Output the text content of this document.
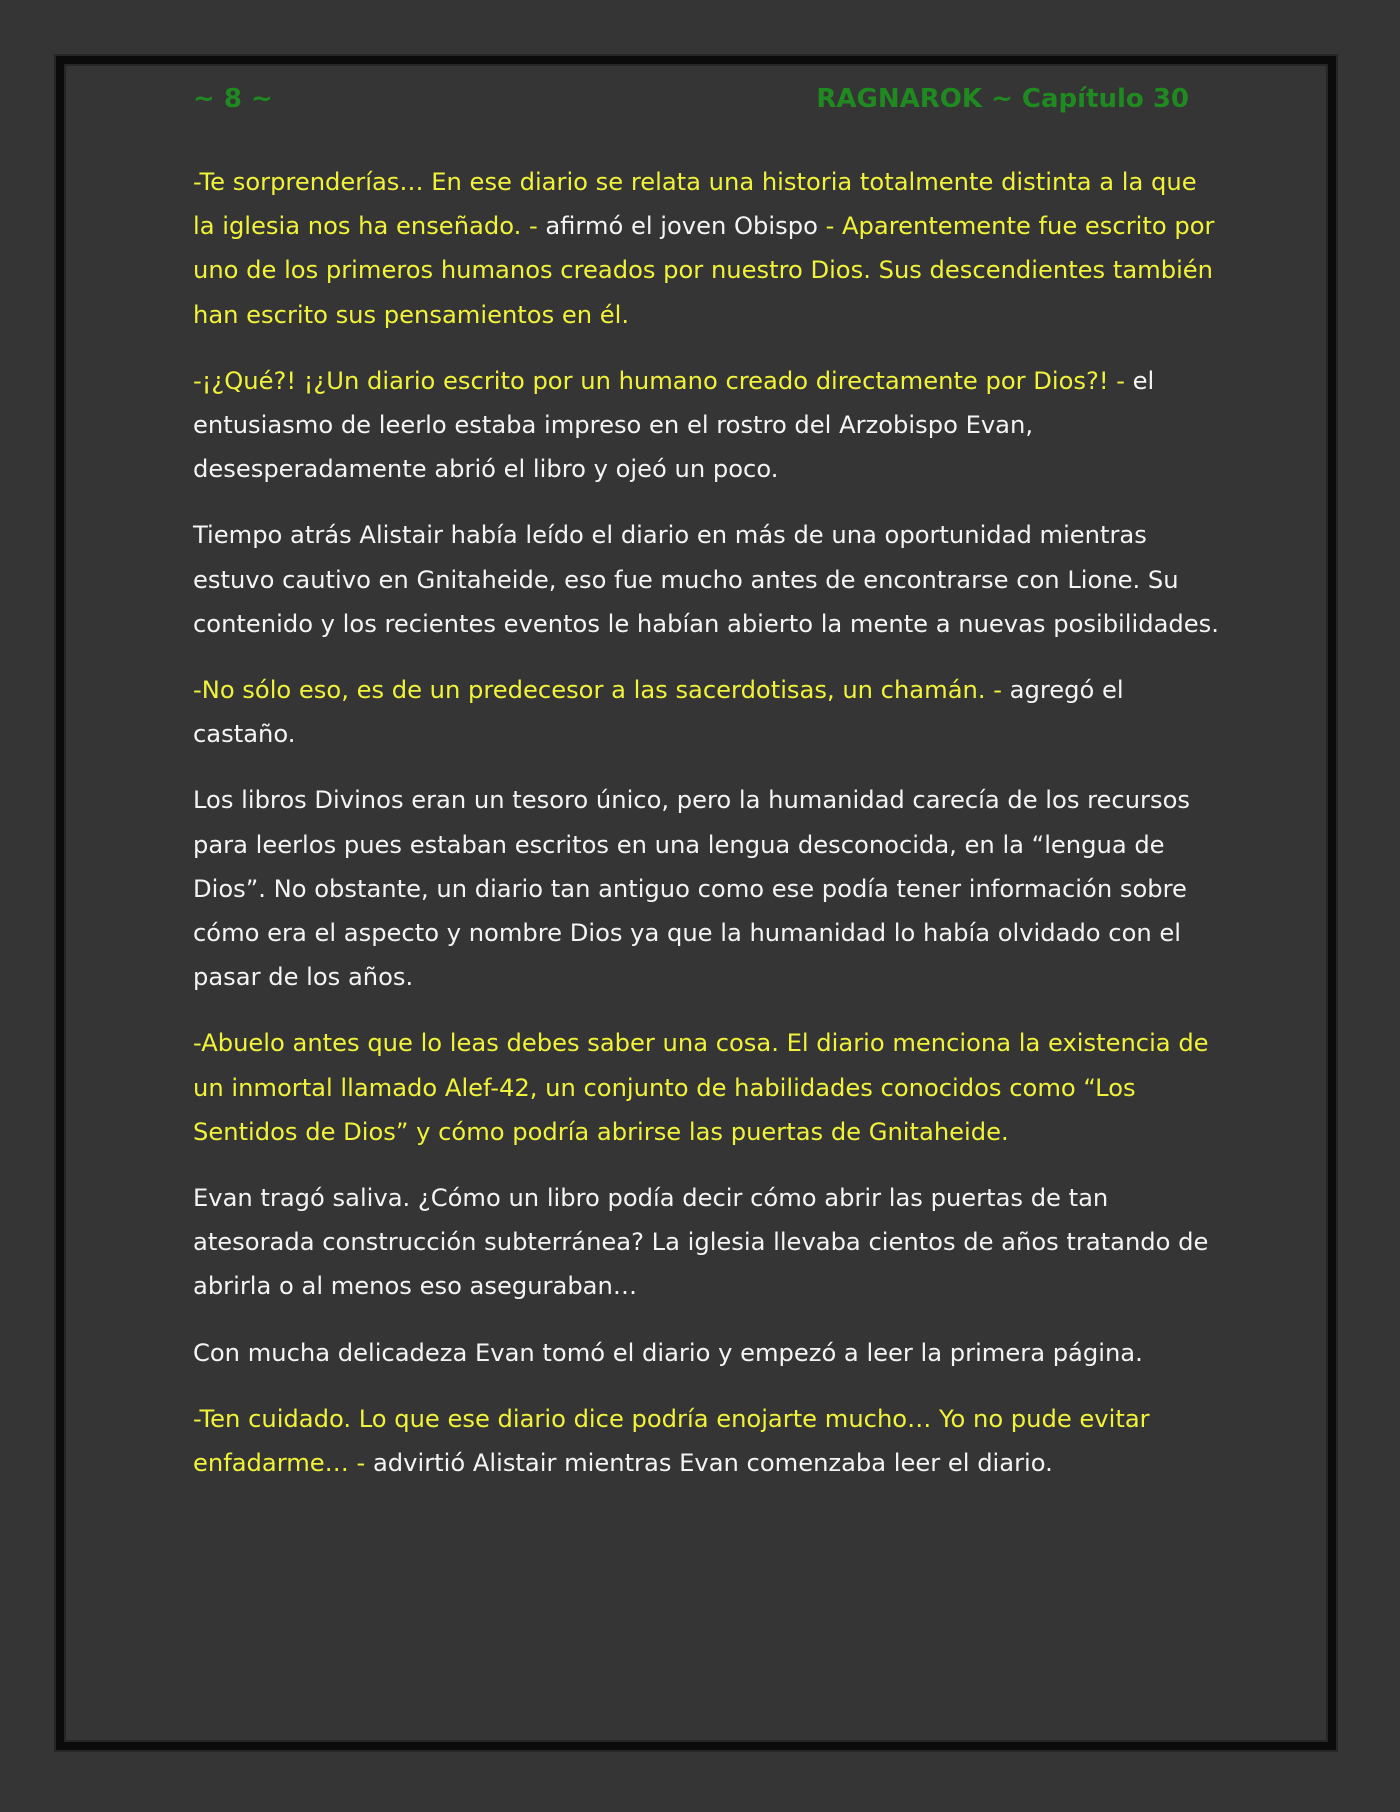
~ 8 ~	RAGNAROK ~ Capítulo 30

-Te sorprenderías… En ese diario se relata una historia totalmente distinta a la que la iglesia nos ha enseñado. - afirmó el joven Obispo - Aparentemente fue escrito por uno de los primeros humanos creados por nuestro Dios. Sus descendientes también han escrito sus pensamientos en él.

-¡¿Qué?! ¡¿Un diario escrito por un humano creado directamente por Dios?! - el entusiasmo de leerlo estaba impreso en el rostro del Arzobispo Evan, desesperadamente abrió el libro y ojeó un poco.

Tiempo atrás Alistair había leído el diario en más de una oportunidad mientras estuvo cautivo en Gnitaheide, eso fue mucho antes de encontrarse con Lione. Su contenido y los recientes eventos le habían abierto la mente a nuevas posibilidades.

-No sólo eso, es de un predecesor a las sacerdotisas, un chamán. - agregó el castaño.

Los libros Divinos eran un tesoro único, pero la humanidad carecía de los recursos para leerlos pues estaban escritos en una lengua desconocida, en la “lengua de Dios”. No obstante, un diario tan antiguo como ese podía tener información sobre cómo era el aspecto y nombre Dios ya que la humanidad lo había olvidado con el pasar de los años.

-Abuelo antes que lo leas debes saber una cosa. El diario menciona la existencia de un inmortal llamado Alef-42, un conjunto de habilidades conocidos como “Los Sentidos de Dios” y cómo podría abrirse las puertas de Gnitaheide.

Evan tragó saliva. ¿Cómo un libro podía decir cómo abrir las puertas de tan atesorada construcción subterránea? La iglesia llevaba cientos de años tratando de abrirla o al menos eso aseguraban…

Con mucha delicadeza Evan tomó el diario y empezó a leer la primera página.

-Ten cuidado. Lo que ese diario dice podría enojarte mucho… Yo no pude evitar enfadarme… - advirtió Alistair mientras Evan comenzaba leer el diario.
